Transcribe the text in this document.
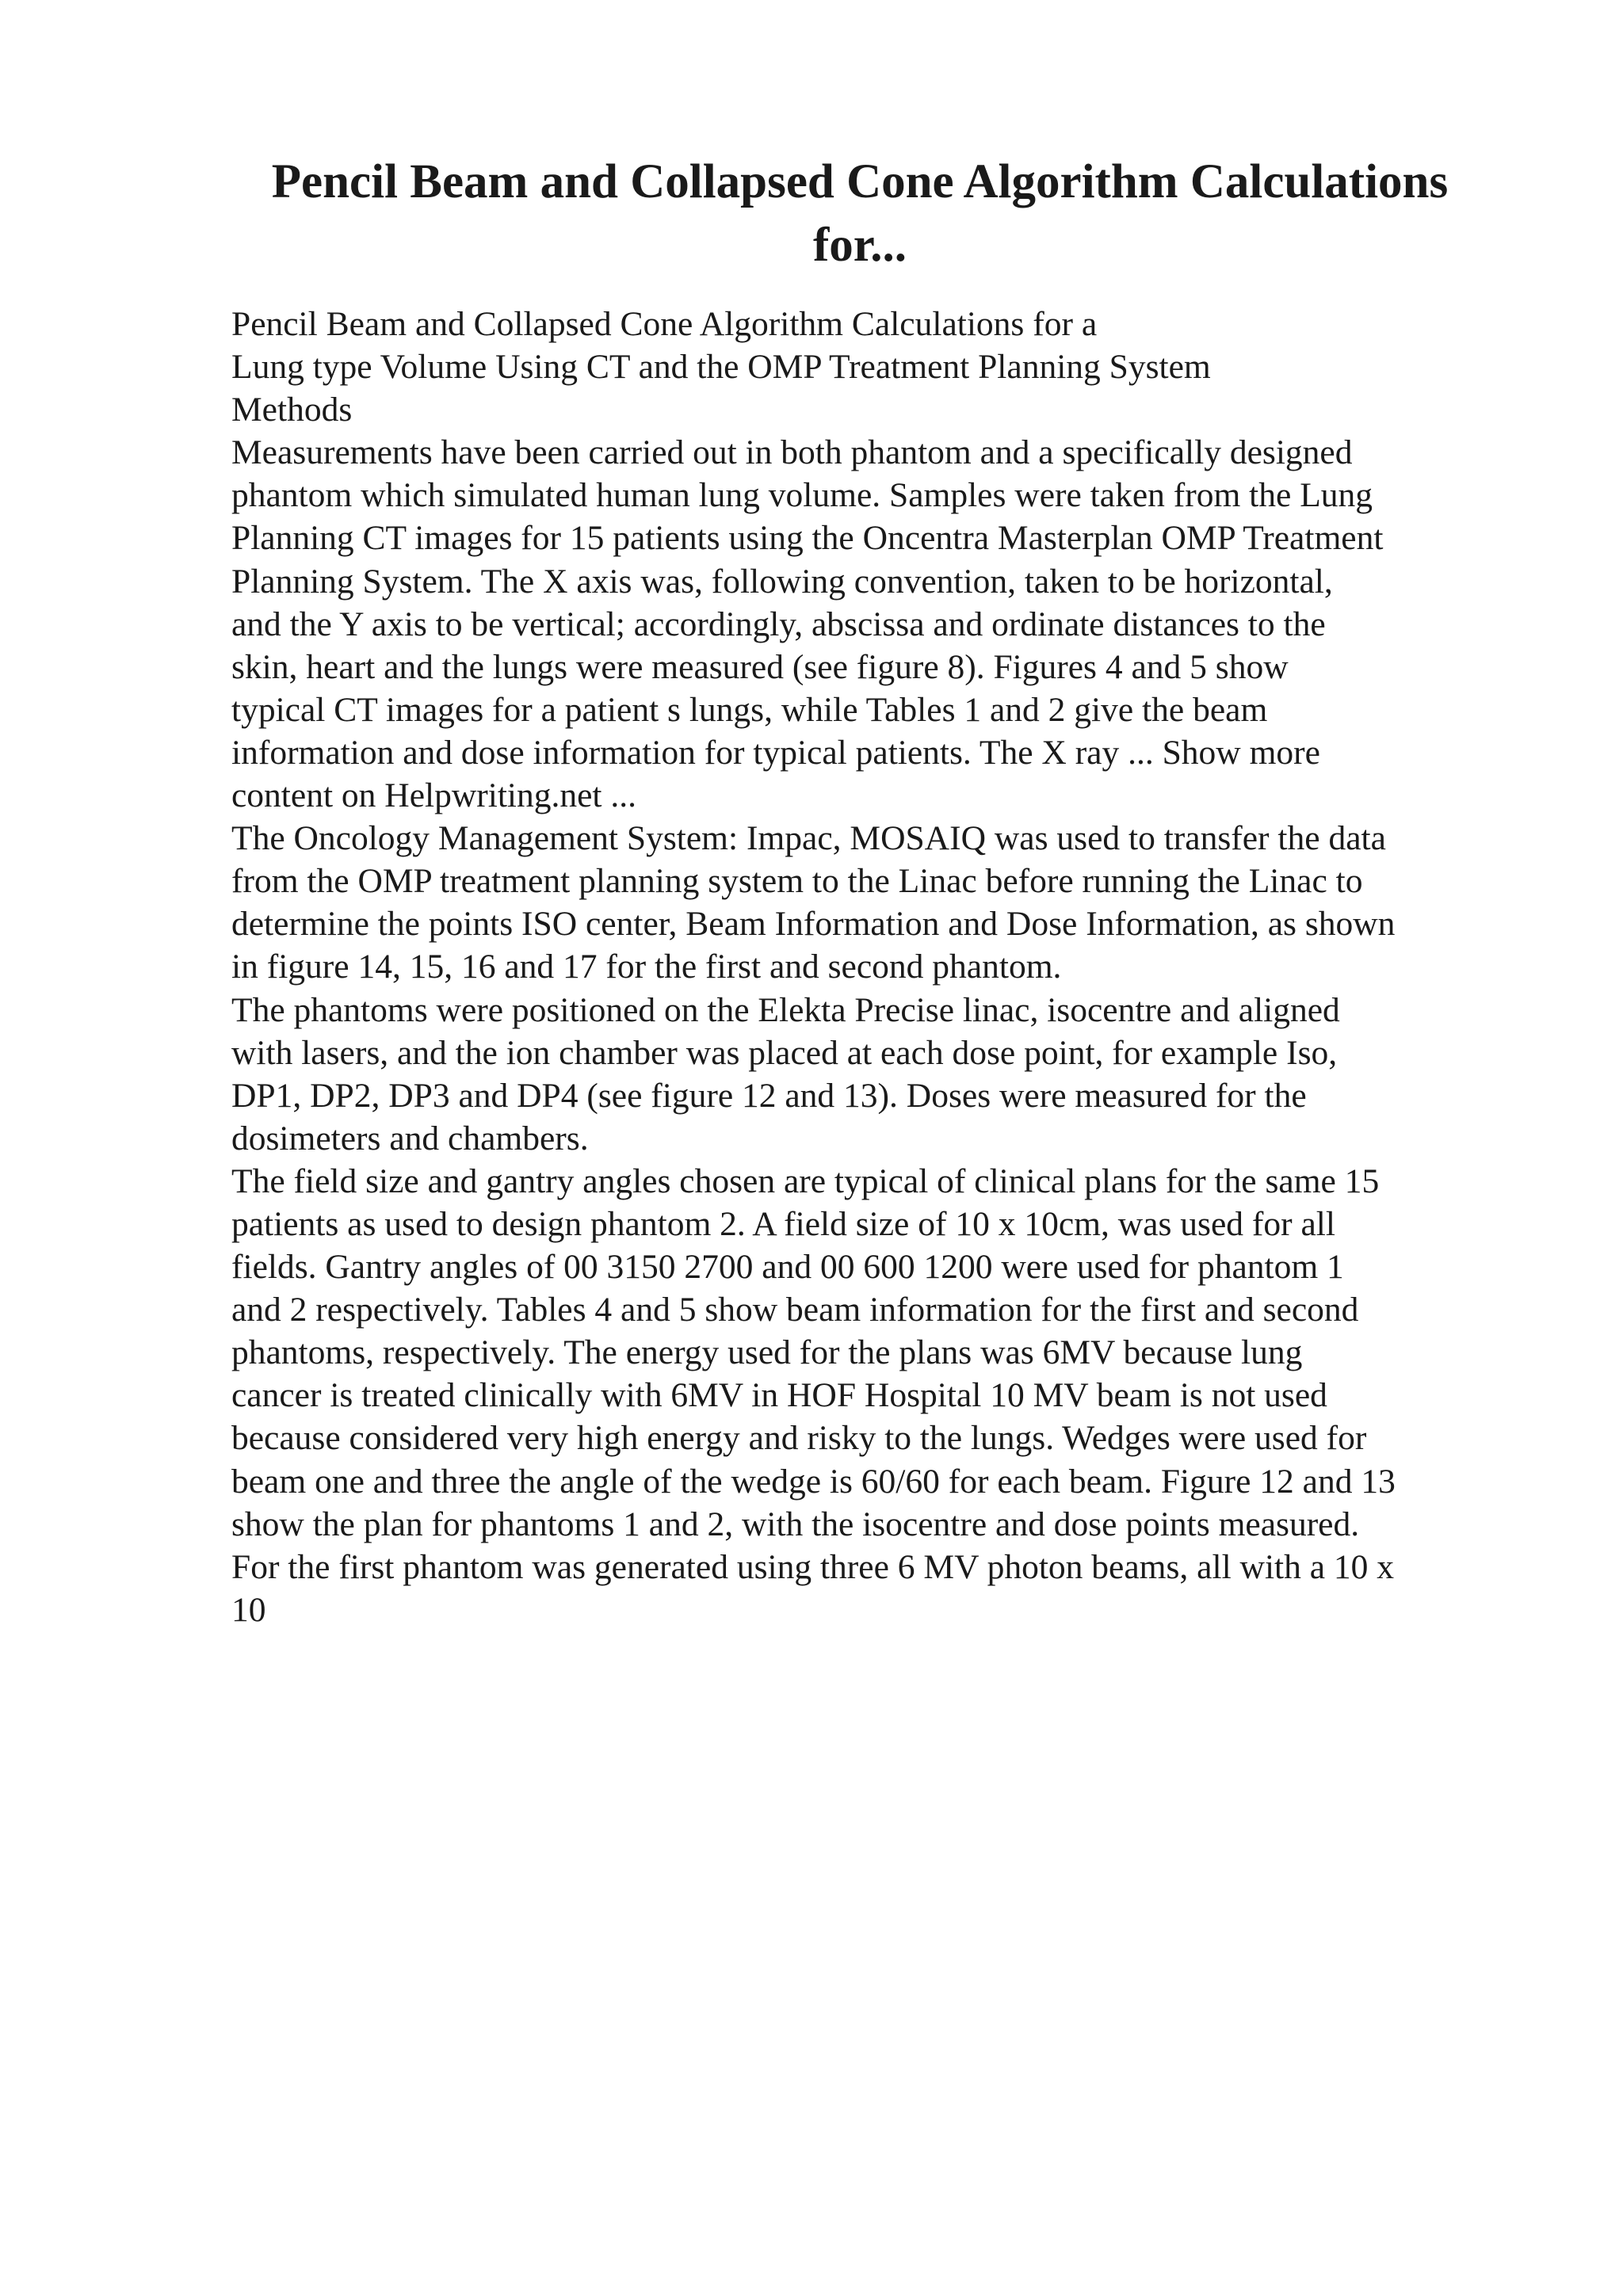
Pencil Beam and Collapsed Cone Algorithm Calculations
for...
Pencil Beam and Collapsed Cone Algorithm Calculations for a
Lung type Volume Using CT and the OMP Treatment Planning System
Methods
Measurements have been carried out in both phantom and a specifically designed
phantom which simulated human lung volume. Samples were taken from the Lung
Planning CT images for 15 patients using the Oncentra Masterplan OMP Treatment
Planning System. The X axis was, following convention, taken to be horizontal,
and the Y axis to be vertical; accordingly, abscissa and ordinate distances to the
skin, heart and the lungs were measured (see figure 8). Figures 4 and 5 show
typical CT images for a patient s lungs, while Tables 1 and 2 give the beam
information and dose information for typical patients. The X ray ... Show more
content on Helpwriting.net ...
The Oncology Management System: Impac, MOSAIQ was used to transfer the data
from the OMP treatment planning system to the Linac before running the Linac to
determine the points ISO center, Beam Information and Dose Information, as shown
in figure 14, 15, 16 and 17 for the first and second phantom.
The phantoms were positioned on the Elekta Precise linac, isocentre and aligned
with lasers, and the ion chamber was placed at each dose point, for example Iso,
DP1, DP2, DP3 and DP4 (see figure 12 and 13). Doses were measured for the
dosimeters and chambers.
The field size and gantry angles chosen are typical of clinical plans for the same 15
patients as used to design phantom 2. A field size of 10 x 10cm, was used for all
fields. Gantry angles of 00 3150 2700 and 00 600 1200 were used for phantom 1
and 2 respectively. Tables 4 and 5 show beam information for the first and second
phantoms, respectively. The energy used for the plans was 6MV because lung
cancer is treated clinically with 6MV in HOF Hospital 10 MV beam is not used
because considered very high energy and risky to the lungs. Wedges were used for
beam one and three the angle of the wedge is 60/60 for each beam. Figure 12 and 13
show the plan for phantoms 1 and 2, with the isocentre and dose points measured.
For the first phantom was generated using three 6 MV photon beams, all with a 10 x
10
